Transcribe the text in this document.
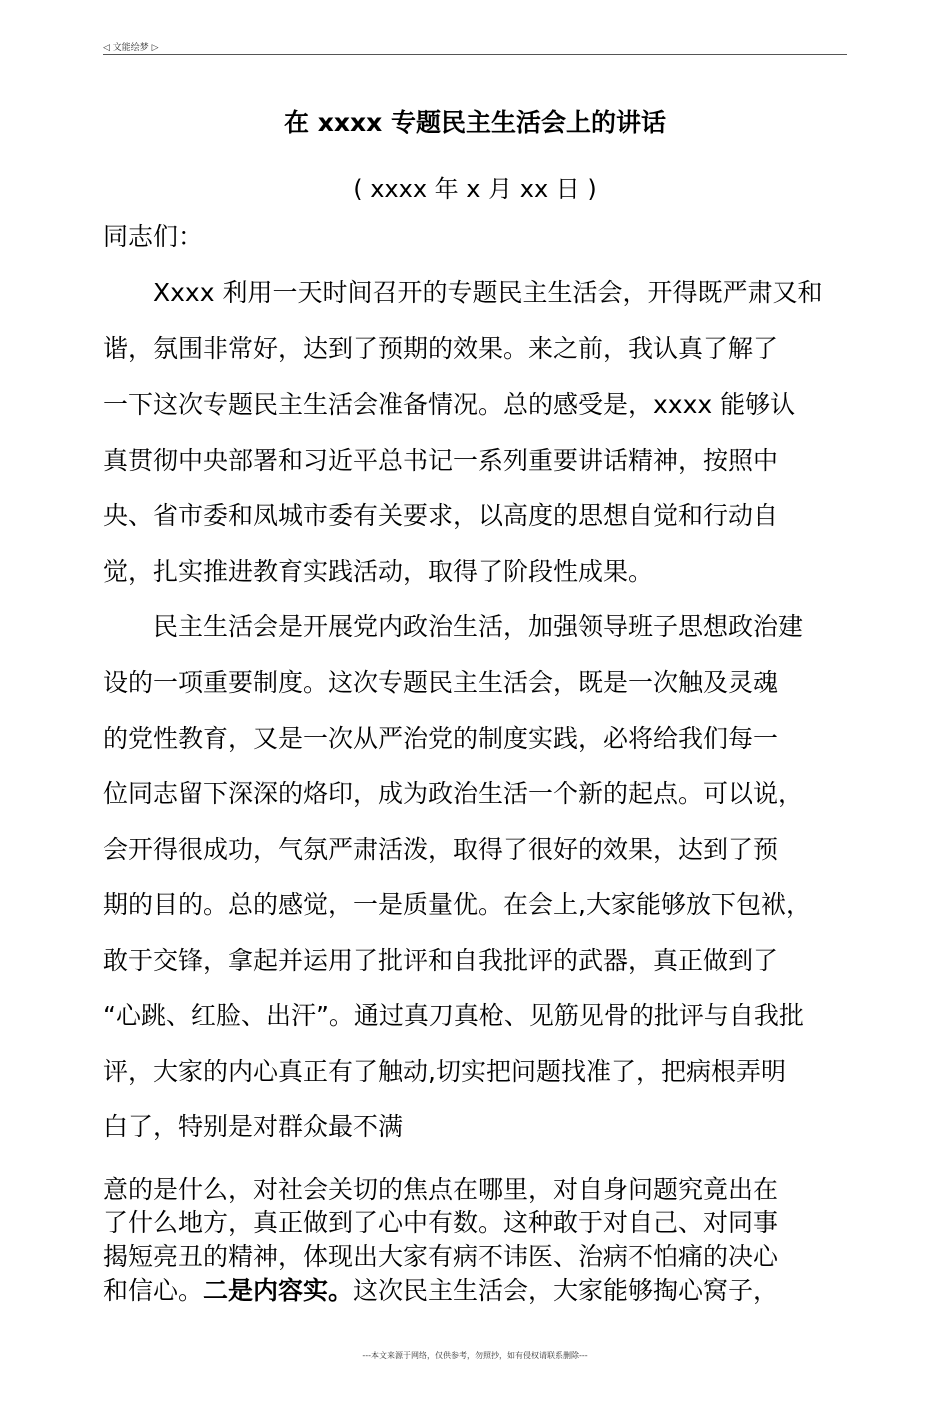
◁ 文能绘梦 ▷
在 xxxx 专题民主生活会上的讲话
( xxxx 年 x 月 xx 日 )
同志们：
　　Xxxx 利用一天时间召开的专题民主生活会，开得既严肃又和
谐，氛围非常好，达到了预期的效果。来之前，我认真了解了
一下这次专题民主生活会准备情况。总的感受是，xxxx 能够认
真贯彻中央部署和习近平总书记一系列重要讲话精神，按照中
央、省市委和凤城市委有关要求，以高度的思想自觉和行动自
觉，扎实推进教育实践活动，取得了阶段性成果。
　　民主生活会是开展党内政治生活，加强领导班子思想政治建
设的一项重要制度。这次专题民主生活会，既是一次触及灵魂
的党性教育，又是一次从严治党的制度实践，必将给我们每一
位同志留下深深的烙印，成为政治生活一个新的起点。可以说，
会开得很成功，气氛严肃活泼，取得了很好的效果，达到了预
期的目的。总的感觉，一是质量优。在会上,大家能够放下包袱，
敢于交锋，拿起并运用了批评和自我批评的武器，真正做到了
“心跳、红脸、出汗”。通过真刀真枪、见筋见骨的批评与自我批
评，大家的内心真正有了触动,切实把问题找准了，把病根弄明
白了，特别是对群众最不满
意的是什么，对社会关切的焦点在哪里，对自身问题究竟出在
了什么地方，真正做到了心中有数。这种敢于对自己、对同事
揭短亮丑的精神，体现出大家有病不讳医、治病不怕痛的决心
和信心。二是内容实。这次民主生活会，大家能够掏心窝子，
---本文来源于网络，仅供参考，勿照抄，如有侵权请联系删除---
